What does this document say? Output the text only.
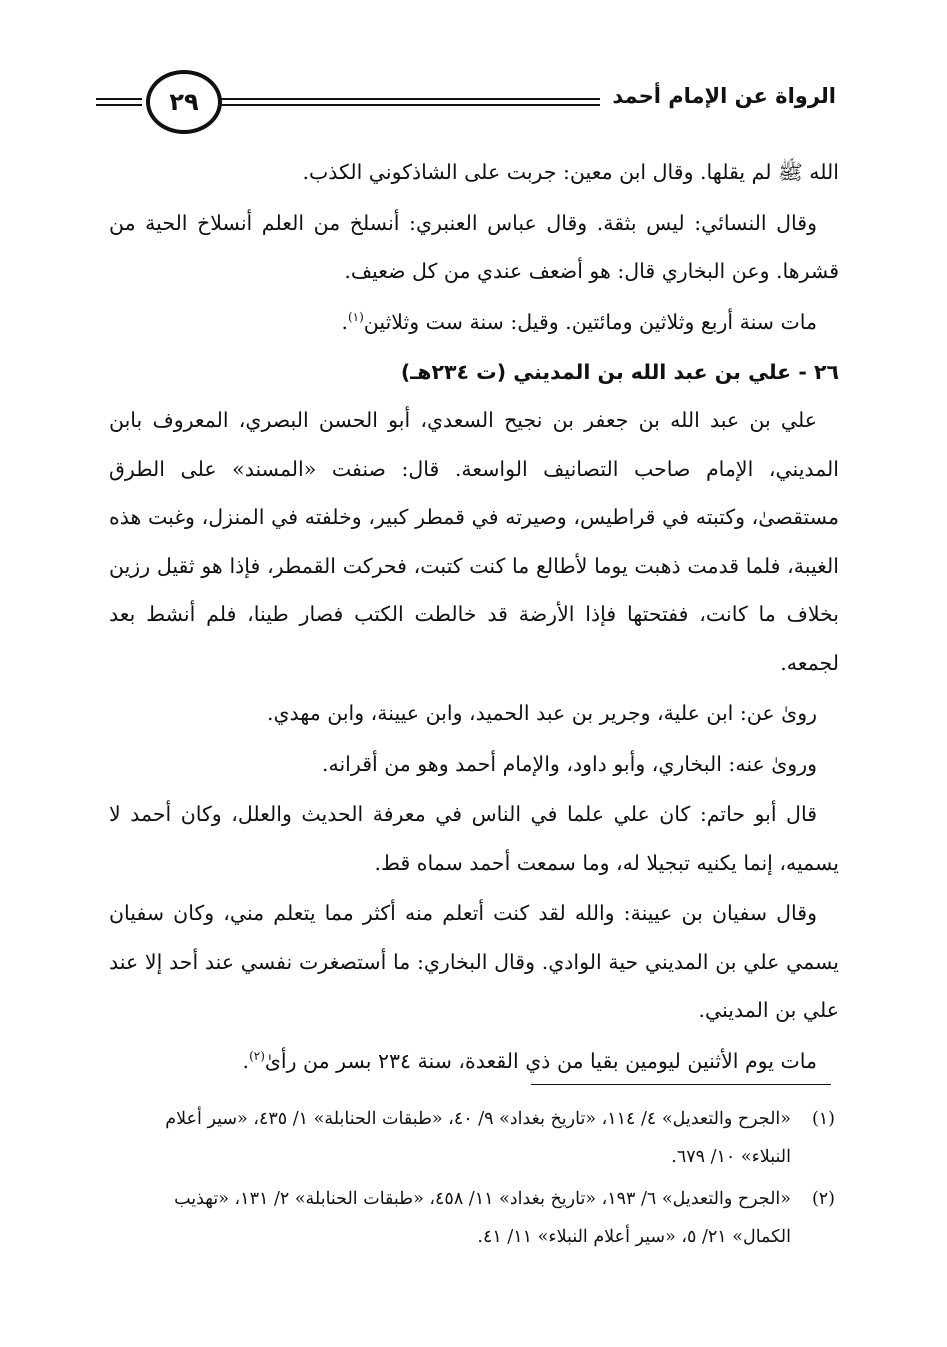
الرواة عن الإمام أحمد
٢٩

الله ﷺ لم يقلها. وقال ابن معين: جربت على الشاذكوني الكذب.

وقال النسائي: ليس بثقة. وقال عباس العنبري: أنسلخ من العلم أنسلاخ الحية من قشرها. وعن البخاري قال: هو أضعف عندي من كل ضعيف.

مات سنة أربع وثلاثين ومائتين. وقيل: سنة ست وثلاثين$^{(١)}$.

٢٦ - علي بن عبد الله بن المديني (ت ٢٣٤هـ)

علي بن عبد الله بن جعفر بن نجيح السعدي، أبو الحسن البصري، المعروف بابن المديني، الإمام صاحب التصانيف الواسعة. قال: صنفت «المسند» على الطرق مستقصىٰ، وكتبته في قراطيس، وصيرته في قمطر كبير، وخلفته في المنزل، وغبت هذه الغيبة، فلما قدمت ذهبت يوما لأطالع ما كنت كتبت، فحركت القمطر، فإذا هو ثقيل رزين بخلاف ما كانت، ففتحتها فإذا الأرضة قد خالطت الكتب فصار طينا، فلم أنشط بعد لجمعه.

روىٰ عن: ابن علية، وجرير بن عبد الحميد، وابن عيينة، وابن مهدي.

وروىٰ عنه: البخاري، وأبو داود، والإمام أحمد وهو من أقرانه.

قال أبو حاتم: كان علي علما في الناس في معرفة الحديث والعلل، وكان أحمد لا يسميه، إنما يكنيه تبجيلا له، وما سمعت أحمد سماه قط.

وقال سفيان بن عيينة: والله لقد كنت أتعلم منه أكثر مما يتعلم مني، وكان سفيان يسمي علي بن المديني حية الوادي. وقال البخاري: ما أستصغرت نفسي عند أحد إلا عند علي بن المديني.

مات يوم الأثنين ليومين بقيا من ذي القعدة، سنة ٢٣٤ بسر من رأىٰ$^{(٢)}$.

(١)
«الجرح والتعديل» ٤/ ١١٤، «تاريخ بغداد» ٩/ ٤٠، «طبقات الحنابلة» ١/ ٤٣٥، «سير أعلام النبلاء» ١٠/ ٦٧٩.
(٢)
«الجرح والتعديل» ٦/ ١٩٣، «تاريخ بغداد» ١١/ ٤٥٨، «طبقات الحنابلة» ٢/ ١٣١، «تهذيب الكمال» ٢١/ ٥، «سير أعلام النبلاء» ١١/ ٤١.
